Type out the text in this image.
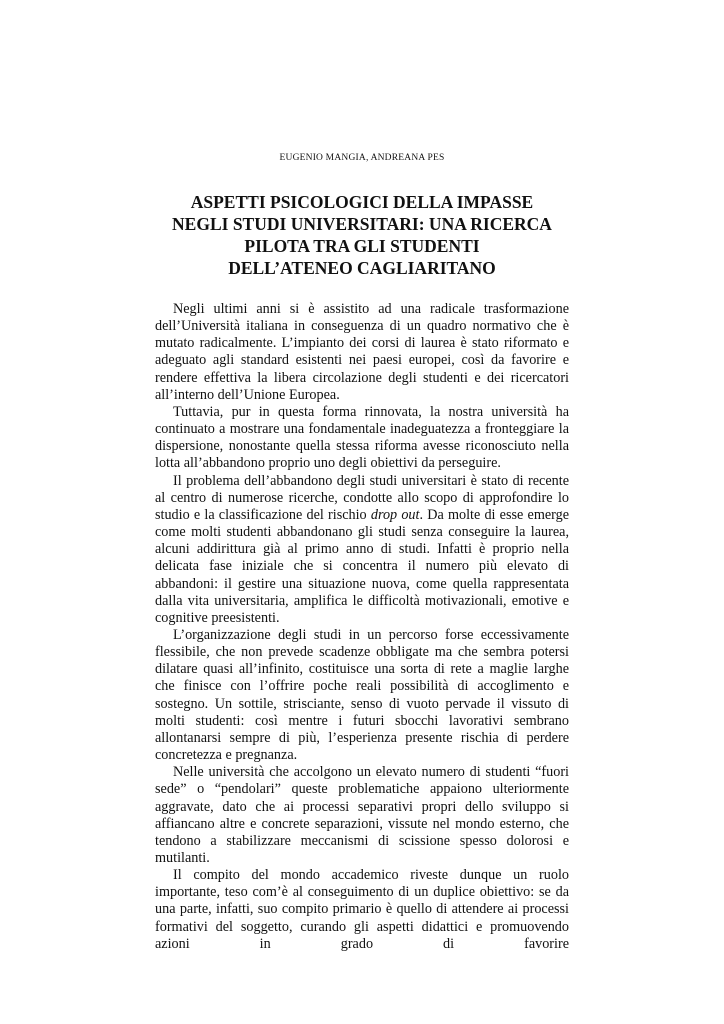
EUGENIO MANGIA, ANDREANA PES
ASPETTI PSICOLOGICI DELLA IMPASSE
NEGLI STUDI UNIVERSITARI: UNA RICERCA
PILOTA TRA GLI STUDENTI
DELL’ATENEO CAGLIARITANO

Negli ultimi anni si è assistito ad una radicale trasformazione dell’Università italiana in conseguenza di un quadro normativo che è mutato radicalmente. L’impianto dei corsi di laurea è stato riformato e adeguato agli standard esistenti nei paesi europei, così da favorire e rendere effettiva la libera circolazione degli studenti e dei ricercatori all’interno dell’Unione Europea.

Tuttavia, pur in questa forma rinnovata, la nostra università ha continuato a mostrare una fondamentale inadeguatezza a fronteggiare la dispersione, nonostante quella stessa riforma avesse riconosciuto nella lotta all’abbandono proprio uno degli obiettivi da perseguire.

Il problema dell’abbandono degli studi universitari è stato di recente al centro di numerose ricerche, condotte allo scopo di approfondire lo studio e la classificazione del rischio drop out. Da molte di esse emerge come molti studenti abbandonano gli studi senza conseguire la laurea, alcuni addirittura già al primo anno di studi. Infatti è proprio nella delicata fase iniziale che si concentra il numero più elevato di abbandoni: il gestire una situazione nuova, come quella rappresentata dalla vita universitaria, amplifica le difficoltà motivazionali, emotive e cognitive preesistenti.

L’organizzazione degli studi in un percorso forse eccessivamente flessibile, che non prevede scadenze obbligate ma che sembra potersi dilatare quasi all’infinito, costituisce una sorta di rete a maglie larghe che finisce con l’offrire poche reali possibilità di accoglimento e sostegno. Un sottile, strisciante, senso di vuoto pervade il vissuto di molti studenti: così mentre i futuri sbocchi lavorativi sembrano allontanarsi sempre di più, l’esperienza presente rischia di perdere concretezza e pregnanza.

Nelle università che accolgono un elevato numero di studenti “fuori sede” o “pendolari” queste problematiche appaiono ulteriormente aggravate, dato che ai processi separativi propri dello sviluppo si affiancano altre e concrete separazioni, vissute nel mondo esterno, che tendono a stabilizzare meccanismi di scissione spesso dolorosi e mutilanti.

Il compito del mondo accademico riveste dunque un ruolo importante, teso com’è al conseguimento di un duplice obiettivo: se da una parte, infatti, suo compito primario è quello di attendere ai processi formativi del soggetto, curando gli aspetti didattici e promuovendo azioni in grado di favorire
